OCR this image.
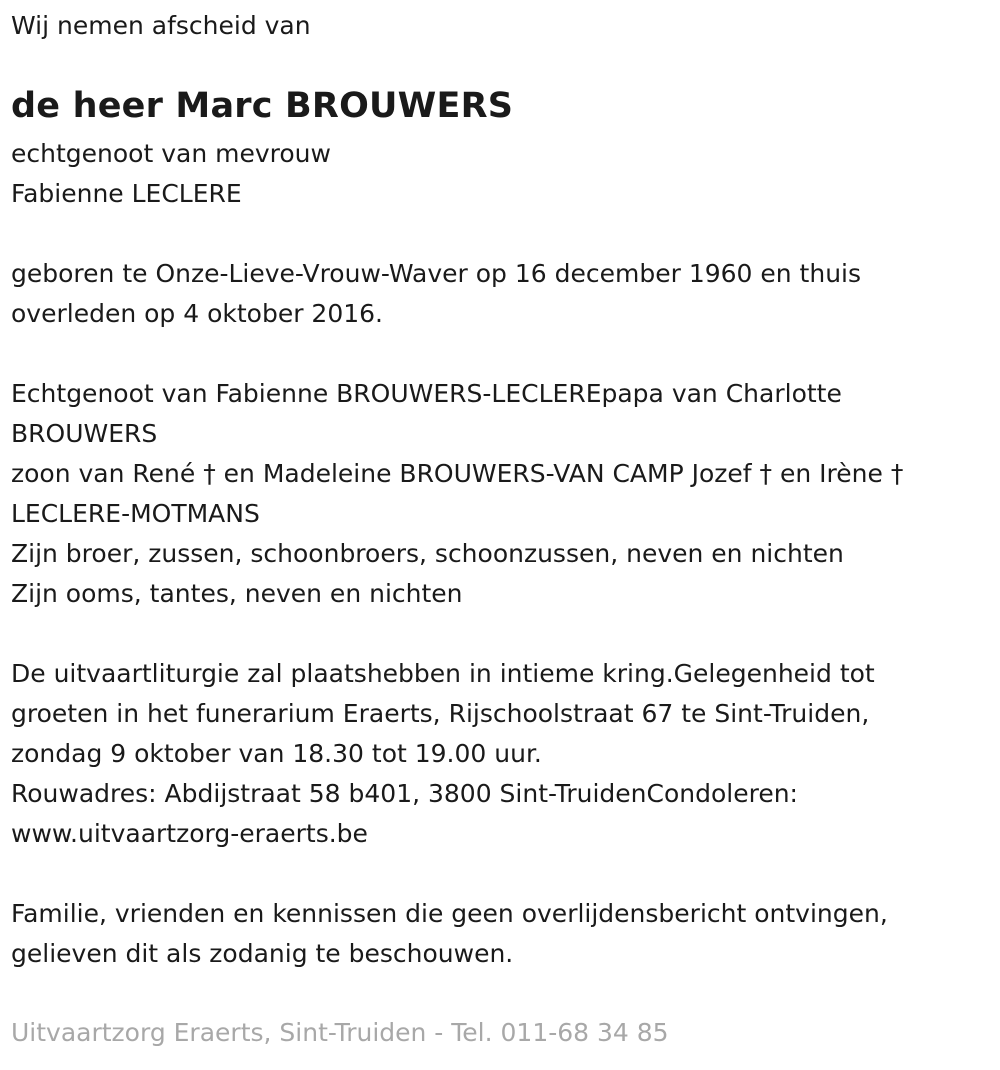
Wij nemen afscheid van
de heer Marc BROUWERS
echtgenoot van mevrouw
Fabienne LECLERE
geboren te Onze-Lieve-Vrouw-Waver op 16 december 1960 en thuis
overleden op 4 oktober 2016.
Echtgenoot van Fabienne BROUWERS-LECLEREpapa van Charlotte
BROUWERS
zoon van René † en Madeleine BROUWERS-VAN CAMP Jozef † en Irène †
LECLERE-MOTMANS
Zijn broer, zussen, schoonbroers, schoonzussen, neven en nichten
Zijn ooms, tantes, neven en nichten
De uitvaartliturgie zal plaatshebben in intieme kring.Gelegenheid tot
groeten in het funerarium Eraerts, Rijschoolstraat 67 te Sint-Truiden,
zondag 9 oktober van 18.30 tot 19.00 uur.
Rouwadres: Abdijstraat 58 b401, 3800 Sint-TruidenCondoleren:
www.uitvaartzorg-eraerts.be
Familie, vrienden en kennissen die geen overlijdensbericht ontvingen,
gelieven dit als zodanig te beschouwen.
Uitvaartzorg Eraerts, Sint-Truiden - Tel. 011-68 34 85
